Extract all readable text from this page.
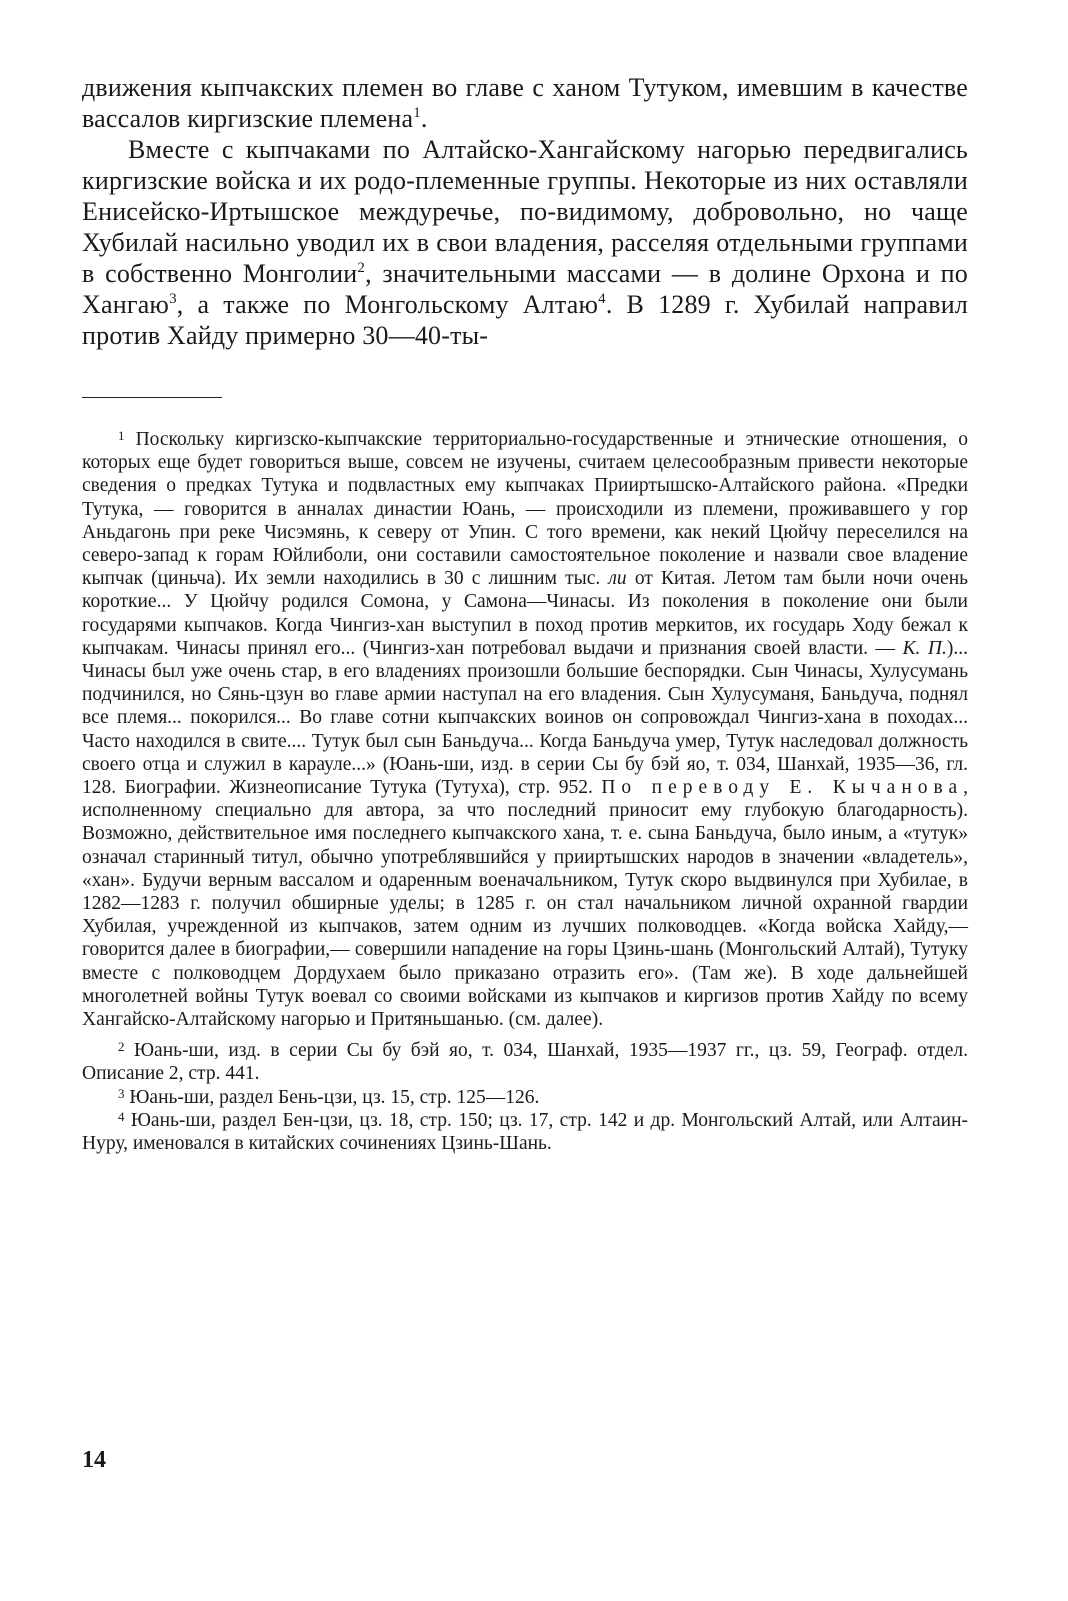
движения кыпчакских племен во главе с ханом Тутуком, имевшим в качестве вассалов киргизские племена$^1$.

Вместе с кыпчаками по Алтайско-Хангайскому нагорью передвигались киргизские войска и их родо-племенные группы. Некоторые из них оставляли Енисейско-Иртышское междуречье, по-видимому, добровольно, но чаще Хубилай насильно уводил их в свои владения, расселяя отдельными группами в собственно Монголии$^2$, значительными массами — в долине Орхона и по Хангаю$^3$, а также по Монгольскому Алтаю$^4$. В 1289 г. Хубилай направил против Хайду примерно 30—40-ты-

$^1$ Поскольку киргизско-кыпчакские территориально-государственные и этнические отношения, о которых еще будет говориться выше, совсем не изучены, считаем целесообразным привести некоторые сведения о предках Тутука и подвластных ему кыпчаках Прииртышско-Алтайского района. «Предки Тутука, — говорится в анналах династии Юань, — происходили из племени, проживавшего у гор Аньдагонь при реке Чисэмянь, к северу от Упин. С того времени, как некий Цюйчу переселился на северо-запад к горам Юйлиболи, они составили самостоятельное поколение и назвали свое владение кыпчак (циньча). Их земли находились в 30 с лишним тыс. ли от Китая. Летом там были ночи очень короткие... У Цюйчу родился Сомона, у Самона—Чинасы. Из поколения в поколение они были государями кыпчаков. Когда Чингиз-хан выступил в поход против меркитов, их государь Ходу бежал к кыпчакам. Чинасы принял его... (Чингиз-хан потребовал выдачи и признания своей власти. — К. П.)... Чинасы был уже очень стар, в его владениях произошли большие беспорядки. Сын Чинасы, Хулусумань подчинился, но Сянь-цзун во главе армии наступал на его владения. Сын Хулусуманя, Баньдуча, поднял все племя... покорился... Во главе сотни кыпчакских воинов он сопровождал Чингиз-хана в походах... Часто находился в свите.... Тутук был сын Баньдуча... Когда Баньдуча умер, Тутук наследовал должность своего отца и служил в карауле...» (Юань-ши, изд. в серии Сы бу бэй яо, т. 034, Шанхай, 1935—36, гл. 128. Биографии. Жизнеописание Тутука (Тутуха), стр. 952. По переводу Е. Кычанова, исполненному специально для автора, за что последний приносит ему глубокую благодарность). Возможно, действительное имя последнего кыпчакского хана, т. е. сына Баньдуча, было иным, а «тутук» означал старинный титул, обычно употреблявшийся у прииртышских народов в значении «владетель», «хан». Будучи верным вассалом и одаренным военачальником, Тутук скоро выдвинулся при Хубилае, в 1282—1283 г. получил обширные уделы; в 1285 г. он стал начальником личной охранной гвардии Хубилая, учрежденной из кыпчаков, затем одним из лучших полководцев. «Когда войска Хайду,— говорится далее в биографии,— совершили нападение на горы Цзинь-шань (Монгольский Алтай), Тутуку вместе с полководцем Дордухаем было приказано отразить его». (Там же). В ходе дальнейшей многолетней войны Тутук воевал со своими войсками из кыпчаков и киргизов против Хайду по всему Хангайско-Алтайскому нагорью и Притяньшанью. (см. далее).

$^2$ Юань-ши, изд. в серии Сы бу бэй яо, т. 034, Шанхай, 1935—1937 гг., цз. 59, Географ. отдел. Описание 2, стр. 441.

$^3$ Юань-ши, раздел Бень-цзи, цз. 15, стр. 125—126.

$^4$ Юань-ши, раздел Бен-цзи, цз. 18, стр. 150; цз. 17, стр. 142 и др. Монгольский Алтай, или Алтаин-Нуру, именовался в китайских сочинениях Цзинь-Шань.

14
